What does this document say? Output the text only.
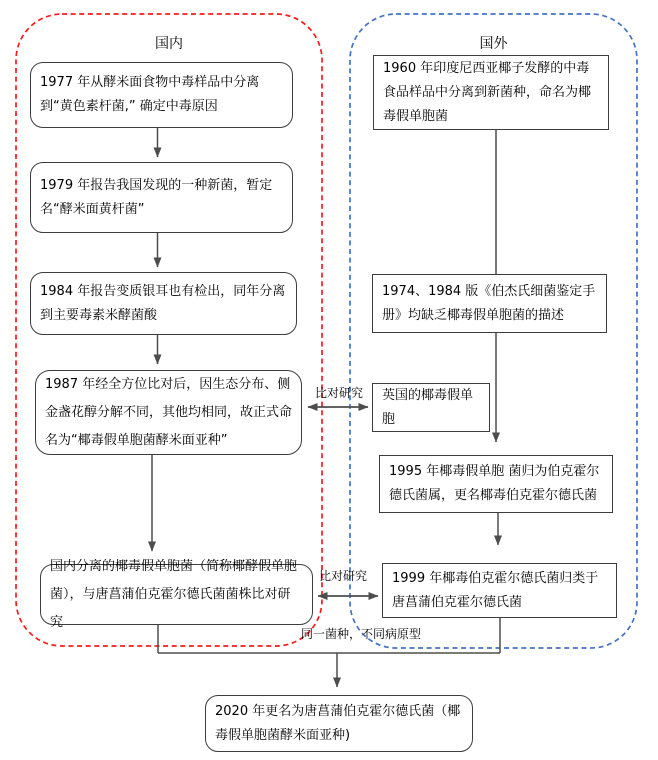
国内	国外
1977 年从酵米面食物中毒样品中分离到“黄色素杆菌,” 确定中毒原因
1979 年报告我国发现的一种新菌，暂定名“酵米面黄杆菌”
1984 年报告变质银耳也有检出，同年分离到主要毒素米酵菌酸
1987 年经全方位比对后，因生态分布、侧金盏花醇分解不同，其他均相同，故正式命名为“椰毒假单胞菌酵米面亚种”
国内分离的椰毒假单胞菌（简称椰酵假单胞菌），与唐菖蒲伯克霍尔德氏菌菌株比对研究
1960 年印度尼西亚椰子发酵的中毒食品样品中分离到新菌种，命名为椰毒假单胞菌
1974、1984 版《伯杰氏细菌鉴定手册》均缺乏椰毒假单胞菌的描述
英国的椰毒假单胞
1995 年椰毒假单胞 菌归为伯克霍尔德氏菌属，更名椰毒伯克霍尔德氏菌
1999 年椰毒伯克霍尔德氏菌归类于唐菖蒲伯克霍尔德氏菌
比对研究
比对研究
同一菌种，不同病原型
2020 年更名为唐菖蒲伯克霍尔德氏菌（椰毒假单胞菌酵米面亚种)
